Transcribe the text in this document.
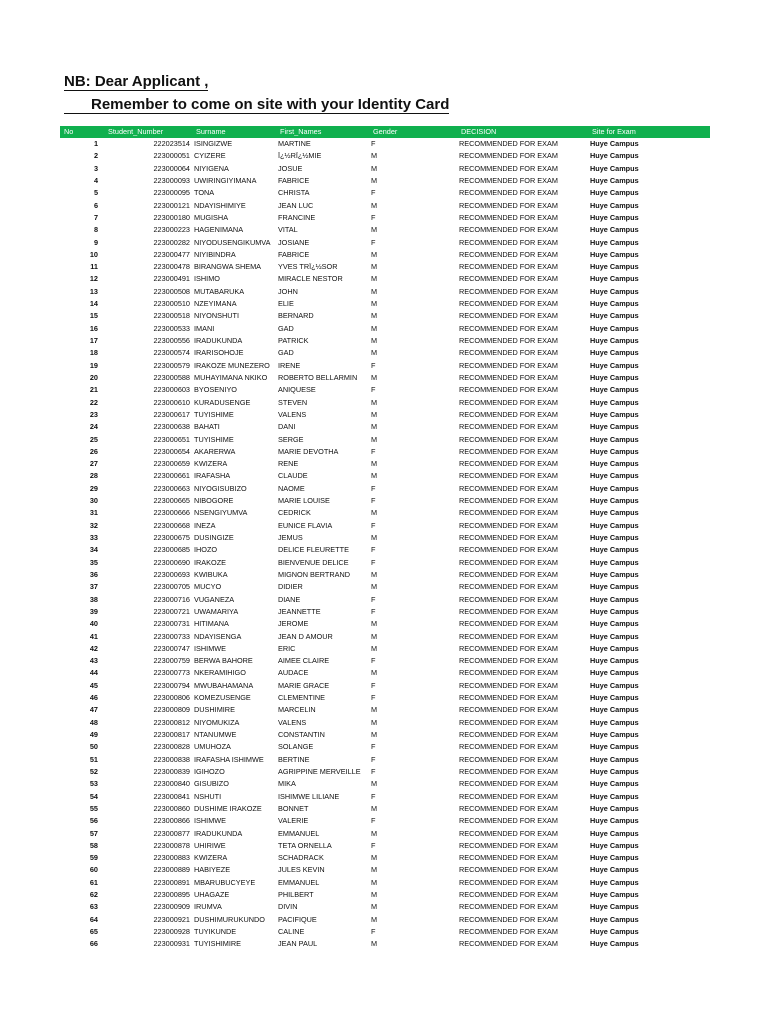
NB: Dear Applicant ,
Remember to come on site with your Identity Card
No	Student_Number	Surname	First_Names	Gender	DECISION	Site for Exam
1	222023514	ISINGIZWE	MARTINE	F	RECOMMENDED FOR EXAM	Huye Campus
2	223000051	CYIZERE	Ï¿½RÏ¿½MIE	M	RECOMMENDED FOR EXAM	Huye Campus
3	223000064	NIYIGENA	JOSUE	M	RECOMMENDED FOR EXAM	Huye Campus
4	223000093	UWIRINGIYIMANA	FABRICE	M	RECOMMENDED FOR EXAM	Huye Campus
5	223000095	TONA	CHRISTA	F	RECOMMENDED FOR EXAM	Huye Campus
6	223000121	NDAYISHIMIYE	JEAN LUC	M	RECOMMENDED FOR EXAM	Huye Campus
7	223000180	MUGISHA	FRANCINE	F	RECOMMENDED FOR EXAM	Huye Campus
8	223000223	HAGENIMANA	VITAL	M	RECOMMENDED FOR EXAM	Huye Campus
9	223000282	NIYODUSENGIKUMVA	JOSIANE	F	RECOMMENDED FOR EXAM	Huye Campus
10	223000477	NIYIBINDRA	FABRICE	M	RECOMMENDED FOR EXAM	Huye Campus
11	223000478	BIRANGWA SHEMA	YVES TRÏ¿½SOR	M	RECOMMENDED FOR EXAM	Huye Campus
12	223000491	ISHIMO	MIRACLE NESTOR	M	RECOMMENDED FOR EXAM	Huye Campus
13	223000508	MUTABARUKA	JOHN	M	RECOMMENDED FOR EXAM	Huye Campus
14	223000510	NZEYIMANA	ELIE	M	RECOMMENDED FOR EXAM	Huye Campus
15	223000518	NIYONSHUTI	BERNARD	M	RECOMMENDED FOR EXAM	Huye Campus
16	223000533	IMANI	GAD	M	RECOMMENDED FOR EXAM	Huye Campus
17	223000556	IRADUKUNDA	PATRICK	M	RECOMMENDED FOR EXAM	Huye Campus
18	223000574	IRARISOHOJE	GAD	M	RECOMMENDED FOR EXAM	Huye Campus
19	223000579	IRAKOZE MUNEZERO	IRENE	F	RECOMMENDED FOR EXAM	Huye Campus
20	223000588	MUHAYIMANA NKIKO	ROBERTO BELLARMIN	M	RECOMMENDED FOR EXAM	Huye Campus
21	223000603	BYOSENIYO	ANIQUESE	F	RECOMMENDED FOR EXAM	Huye Campus
22	223000610	KURADUSENGE	STEVEN	M	RECOMMENDED FOR EXAM	Huye Campus
23	223000617	TUYISHIME	VALENS	M	RECOMMENDED FOR EXAM	Huye Campus
24	223000638	BAHATI	DANI	M	RECOMMENDED FOR EXAM	Huye Campus
25	223000651	TUYISHIME	SERGE	M	RECOMMENDED FOR EXAM	Huye Campus
26	223000654	AKARERWA	MARIE DEVOTHA	F	RECOMMENDED FOR EXAM	Huye Campus
27	223000659	KWIZERA	RENE	M	RECOMMENDED FOR EXAM	Huye Campus
28	223000661	IRAFASHA	CLAUDE	M	RECOMMENDED FOR EXAM	Huye Campus
29	223000663	NIYOGISUBIZO	NAOME	F	RECOMMENDED FOR EXAM	Huye Campus
30	223000665	NIBOGORE	MARIE LOUISE	F	RECOMMENDED FOR EXAM	Huye Campus
31	223000666	NSENGIYUMVA	CEDRICK	M	RECOMMENDED FOR EXAM	Huye Campus
32	223000668	INEZA	EUNICE FLAVIA	F	RECOMMENDED FOR EXAM	Huye Campus
33	223000675	DUSINGIZE	JEMUS	M	RECOMMENDED FOR EXAM	Huye Campus
34	223000685	IHOZO	DELICE FLEURETTE	F	RECOMMENDED FOR EXAM	Huye Campus
35	223000690	IRAKOZE	BIENVENUE DELICE	F	RECOMMENDED FOR EXAM	Huye Campus
36	223000693	KWIBUKA	MIGNON BERTRAND	M	RECOMMENDED FOR EXAM	Huye Campus
37	223000705	MUCYO	DIDIER	M	RECOMMENDED FOR EXAM	Huye Campus
38	223000716	VUGANEZA	DIANE	F	RECOMMENDED FOR EXAM	Huye Campus
39	223000721	UWAMARIYA	JEANNETTE	F	RECOMMENDED FOR EXAM	Huye Campus
40	223000731	HITIMANA	JEROME	M	RECOMMENDED FOR EXAM	Huye Campus
41	223000733	NDAYISENGA	JEAN D AMOUR	M	RECOMMENDED FOR EXAM	Huye Campus
42	223000747	ISHIMWE	ERIC	M	RECOMMENDED FOR EXAM	Huye Campus
43	223000759	BERWA BAHORE	AIMEE CLAIRE	F	RECOMMENDED FOR EXAM	Huye Campus
44	223000773	NKERAMIHIGO	AUDACE	M	RECOMMENDED FOR EXAM	Huye Campus
45	223000794	MWUBAHAMANA	MARIE GRACE	F	RECOMMENDED FOR EXAM	Huye Campus
46	223000806	KOMEZUSENGE	CLEMENTINE	F	RECOMMENDED FOR EXAM	Huye Campus
47	223000809	DUSHIMIRE	MARCELIN	M	RECOMMENDED FOR EXAM	Huye Campus
48	223000812	NIYOMUKIZA	VALENS	M	RECOMMENDED FOR EXAM	Huye Campus
49	223000817	NTANUMWE	CONSTANTIN	M	RECOMMENDED FOR EXAM	Huye Campus
50	223000828	UMUHOZA	SOLANGE	F	RECOMMENDED FOR EXAM	Huye Campus
51	223000838	IRAFASHA ISHIMWE	BERTINE	F	RECOMMENDED FOR EXAM	Huye Campus
52	223000839	IGIHOZO	AGRIPPINE MERVEILLE	F	RECOMMENDED FOR EXAM	Huye Campus
53	223000840	GISUBIZO	MIKA	M	RECOMMENDED FOR EXAM	Huye Campus
54	223000841	NSHUTI	ISHIMWE LILIANE	F	RECOMMENDED FOR EXAM	Huye Campus
55	223000860	DUSHIME IRAKOZE	BONNET	M	RECOMMENDED FOR EXAM	Huye Campus
56	223000866	ISHIMWE	VALERIE	F	RECOMMENDED FOR EXAM	Huye Campus
57	223000877	IRADUKUNDA	EMMANUEL	M	RECOMMENDED FOR EXAM	Huye Campus
58	223000878	UHIRIWE	TETA ORNELLA	F	RECOMMENDED FOR EXAM	Huye Campus
59	223000883	KWIZERA	SCHADRACK	M	RECOMMENDED FOR EXAM	Huye Campus
60	223000889	HABIYEZE	JULES KEVIN	M	RECOMMENDED FOR EXAM	Huye Campus
61	223000891	MBARUBUCYEYE	EMMANUEL	M	RECOMMENDED FOR EXAM	Huye Campus
62	223000895	UHAGAZE	PHILBERT	M	RECOMMENDED FOR EXAM	Huye Campus
63	223000909	IRUMVA	DIVIN	M	RECOMMENDED FOR EXAM	Huye Campus
64	223000921	DUSHIMURUKUNDO	PACIFIQUE	M	RECOMMENDED FOR EXAM	Huye Campus
65	223000928	TUYIKUNDE	CALINE	F	RECOMMENDED FOR EXAM	Huye Campus
66	223000931	TUYISHIMIRE	JEAN PAUL	M	RECOMMENDED FOR EXAM	Huye Campus
